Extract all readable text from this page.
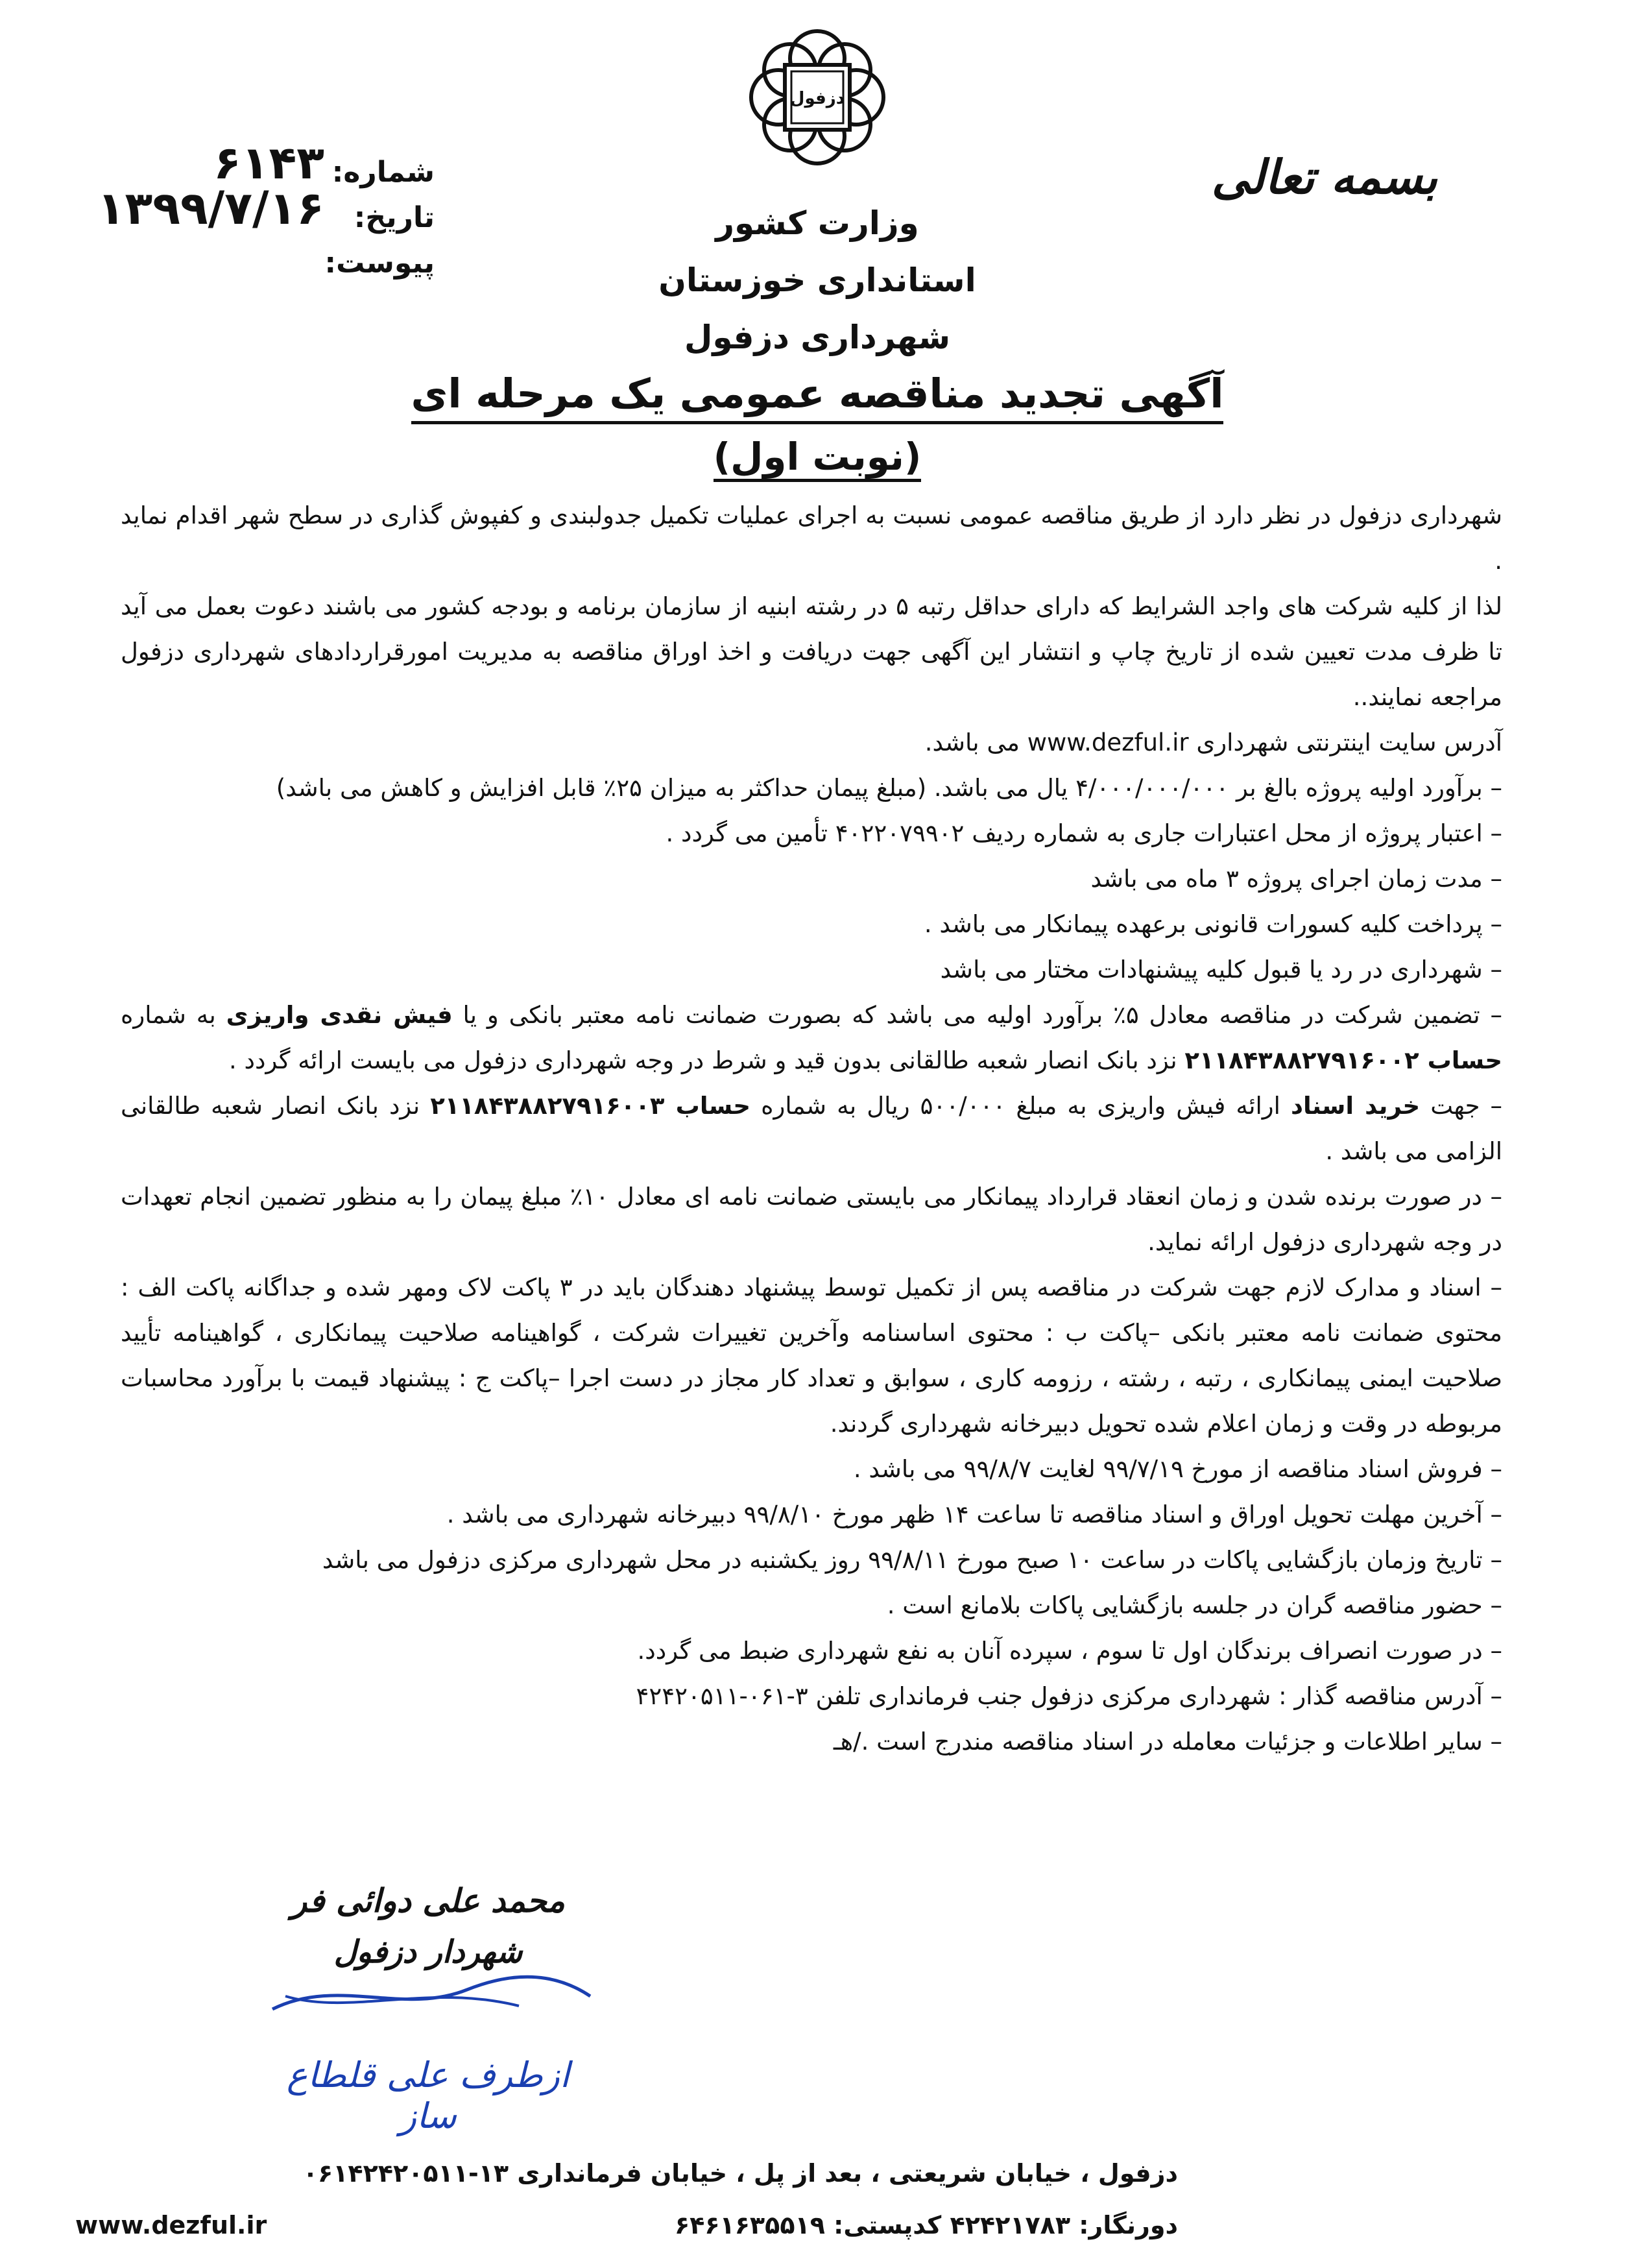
بسمه تعالی
دزفول
شماره:
۶۱۴۳
تاریخ:
۱۳۹۹/۷/۱۶
پیوست:
وزارت کشور
استانداری خوزستان
شهرداری دزفول
آگهی تجدید مناقصه عمومی یک مرحله ای
(نوبت اول)

شهرداری دزفول در نظر دارد از طریق مناقصه عمومی نسبت به اجرای عملیات تکمیل جدولبندی و کفپوش گذاری در سطح شهر اقدام نماید .

لذا از کلیه شرکت های واجد الشرایط که دارای حداقل رتبه ۵ در رشته ابنیه از سازمان برنامه و بودجه کشور می باشند دعوت بعمل می آید تا ظرف مدت تعیین شده از تاریخ چاپ و انتشار این آگهی جهت دریافت و اخذ اوراق مناقصه به مدیریت امورقراردادهای شهرداری دزفول مراجعه نمایند..

آدرس سایت اینترنتی شهرداری www.dezful.ir می باشد.

– برآورد اولیه پروژه بالغ بر ۴/۰۰۰/۰۰۰/۰۰۰ یال می باشد. (مبلغ پیمان حداکثر به میزان ۲۵٪ قابل افزایش و کاهش می باشد)

– اعتبار پروژه از محل اعتبارات جاری به شماره ردیف ۴۰۲۲۰۷۹۹۰۲ تأمین می گردد .

– مدت زمان اجرای پروژه ۳ ماه می باشد

– پرداخت کلیه کسورات قانونی برعهده پیمانکار می باشد .

– شهرداری در رد یا قبول کلیه پیشنهادات مختار می باشد

– تضمین شرکت در مناقصه معادل ۵٪ برآورد اولیه می باشد که بصورت ضمانت نامه معتبر بانکی و یا فیش نقدی واریزی به شماره حساب ۲۱۱۸۴۳۸۸۲۷۹۱۶۰۰۲ نزد بانک انصار شعبه طالقانی بدون قید و شرط در وجه شهرداری دزفول می بایست ارائه گردد .

– جهت خرید اسناد ارائه فیش واریزی به مبلغ ۵۰۰/۰۰۰ ریال به شماره حساب ۲۱۱۸۴۳۸۸۲۷۹۱۶۰۰۳ نزد بانک انصار شعبه طالقانی الزامی می باشد .

– در صورت برنده شدن و زمان انعقاد قرارداد پیمانکار می بایستی ضمانت نامه ای معادل ۱۰٪ مبلغ پیمان را به منظور تضمین انجام تعهدات در وجه شهرداری دزفول ارائه نماید.

– اسناد و مدارک لازم جهت شرکت در مناقصه پس از تکمیل توسط پیشنهاد دهندگان باید در ۳ پاکت لاک ومهر شده و جداگانه پاکت الف : محتوی ضمانت نامه معتبر بانکی –پاکت ب : محتوی اساسنامه وآخرین تغییرات شرکت ، گواهینامه صلاحیت پیمانکاری ، گواهینامه تأیید صلاحیت ایمنی پیمانکاری ، رتبه ، رشته ، رزومه کاری ، سوابق و تعداد کار مجاز در دست اجرا –پاکت ج : پیشنهاد قیمت با برآورد محاسبات مربوطه در وقت و زمان اعلام شده تحویل دبیرخانه شهرداری گردند.

– فروش اسناد مناقصه از مورخ ۹۹/۷/۱۹ لغایت ۹۹/۸/۷ می باشد .

– آخرین مهلت تحویل اوراق و اسناد مناقصه تا ساعت ۱۴ ظهر مورخ ۹۹/۸/۱۰ دبیرخانه شهرداری می باشد .

– تاریخ وزمان بازگشایی پاکات در ساعت ۱۰ صبح مورخ ۹۹/۸/۱۱ روز یکشنبه در محل شهرداری مرکزی دزفول می باشد

– حضور مناقصه گران در جلسه بازگشایی پاکات بلامانع است .

– در صورت انصراف برندگان اول تا سوم ، سپرده آنان به نفع شهرداری ضبط می گردد.

– آدرس مناقصه گذار : شهرداری مرکزی دزفول جنب فرمانداری تلفن ۳-۰۶۱-۴۲۴۲۰۵۱۱

– سایر اطلاعات و جزئیات معامله در اسناد مناقصه مندرج است ./هـ

محمد علی دوائی فر
شهردار دزفول
ازطرف علی قلطاع ساز
دزفول ، خیابان شریعتی ، بعد از پل ، خیابان فرمانداری ۱۳-۰۶۱۴۲۴۲۰۵۱۱
دورنگار: ۴۲۴۲۱۷۸۳ کدپستی: ۶۴۶۱۶۳۵۵۱۹
www.dezful.ir
